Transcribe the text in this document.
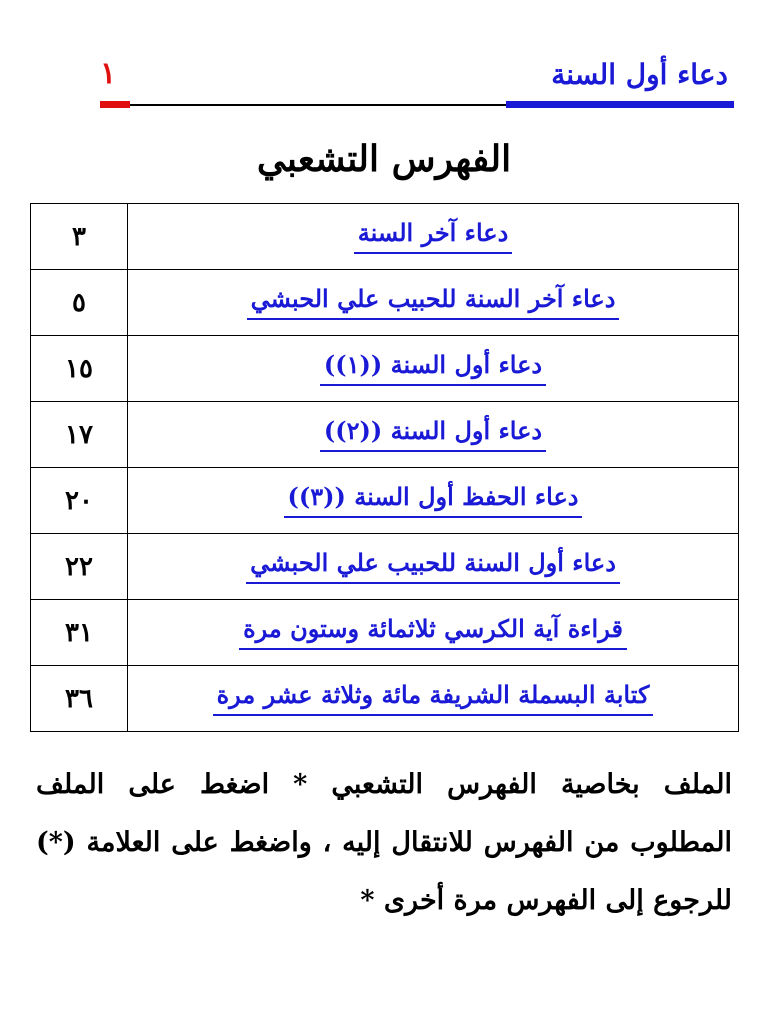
دعاء أول السنة
١
الفهرس التشعبي
دعاء آخر السنة	٣
دعاء آخر السنة للحبيب علي الحبشي	٥
دعاء أول السنة ((١))	١٥
دعاء أول السنة ((٢))	١٧
دعاء الحفظ أول السنة ((٣))	٢٠
دعاء أول السنة للحبيب علي الحبشي	٢٢
قراءة آية الكرسي ثلاثمائة وستون مرة	٣١
كتابة البسملة الشريفة مائة وثلاثة عشر مرة	٣٦
الملف بخاصية الفهرس التشعبي * اضغط على الملف المطلوب من الفهرس للانتقال إليه ، واضغط على العلامة (*) للرجوع إلى الفهرس مرة أخرى *
